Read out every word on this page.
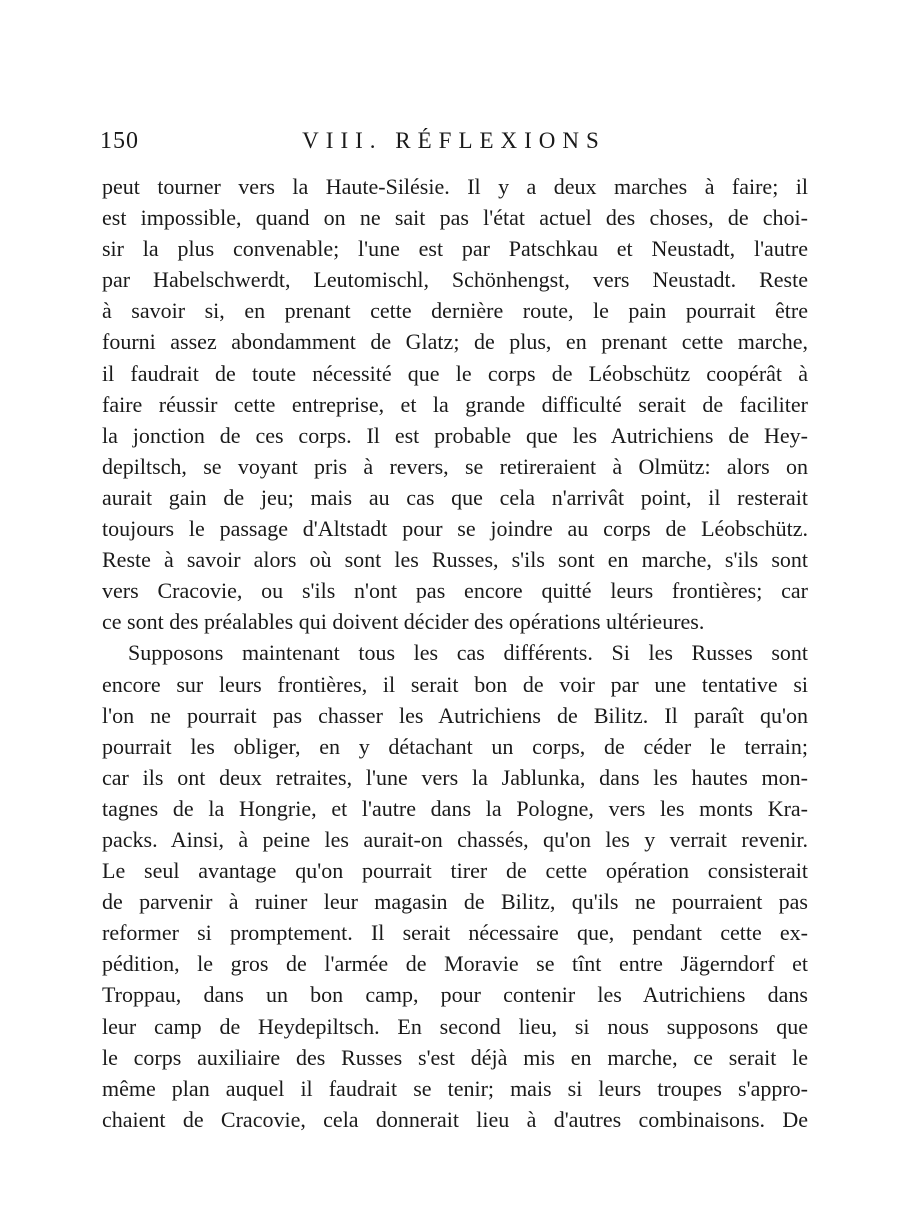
150	VIII. RÉFLEXIONS
peut tourner vers la Haute-Silésie. Il y a deux marches à faire; il
est impossible, quand on ne sait pas l'état actuel des choses, de choi-
sir la plus convenable; l'une est par Patschkau et Neustadt, l'autre
par Habelschwerdt, Leutomischl, Schönhengst, vers Neustadt. Reste
à savoir si, en prenant cette dernière route, le pain pourrait être
fourni assez abondamment de Glatz; de plus, en prenant cette marche,
il faudrait de toute nécessité que le corps de Léobschütz coopérât à
faire réussir cette entreprise, et la grande difficulté serait de faciliter
la jonction de ces corps. Il est probable que les Autrichiens de Hey-
depiltsch, se voyant pris à revers, se retireraient à Olmütz: alors on
aurait gain de jeu; mais au cas que cela n'arrivât point, il resterait
toujours le passage d'Altstadt pour se joindre au corps de Léobschütz.
Reste à savoir alors où sont les Russes, s'ils sont en marche, s'ils sont
vers Cracovie, ou s'ils n'ont pas encore quitté leurs frontières; car
ce sont des préalables qui doivent décider des opérations ultérieures.
Supposons maintenant tous les cas différents. Si les Russes sont
encore sur leurs frontières, il serait bon de voir par une tentative si
l'on ne pourrait pas chasser les Autrichiens de Bilitz. Il paraît qu'on
pourrait les obliger, en y détachant un corps, de céder le terrain;
car ils ont deux retraites, l'une vers la Jablunka, dans les hautes mon-
tagnes de la Hongrie, et l'autre dans la Pologne, vers les monts Kra-
packs. Ainsi, à peine les aurait-on chassés, qu'on les y verrait revenir.
Le seul avantage qu'on pourrait tirer de cette opération consisterait
de parvenir à ruiner leur magasin de Bilitz, qu'ils ne pourraient pas
reformer si promptement. Il serait nécessaire que, pendant cette ex-
pédition, le gros de l'armée de Moravie se tînt entre Jägerndorf et
Troppau, dans un bon camp, pour contenir les Autrichiens dans
leur camp de Heydepiltsch. En second lieu, si nous supposons que
le corps auxiliaire des Russes s'est déjà mis en marche, ce serait le
même plan auquel il faudrait se tenir; mais si leurs troupes s'appro-
chaient de Cracovie, cela donnerait lieu à d'autres combinaisons. De
